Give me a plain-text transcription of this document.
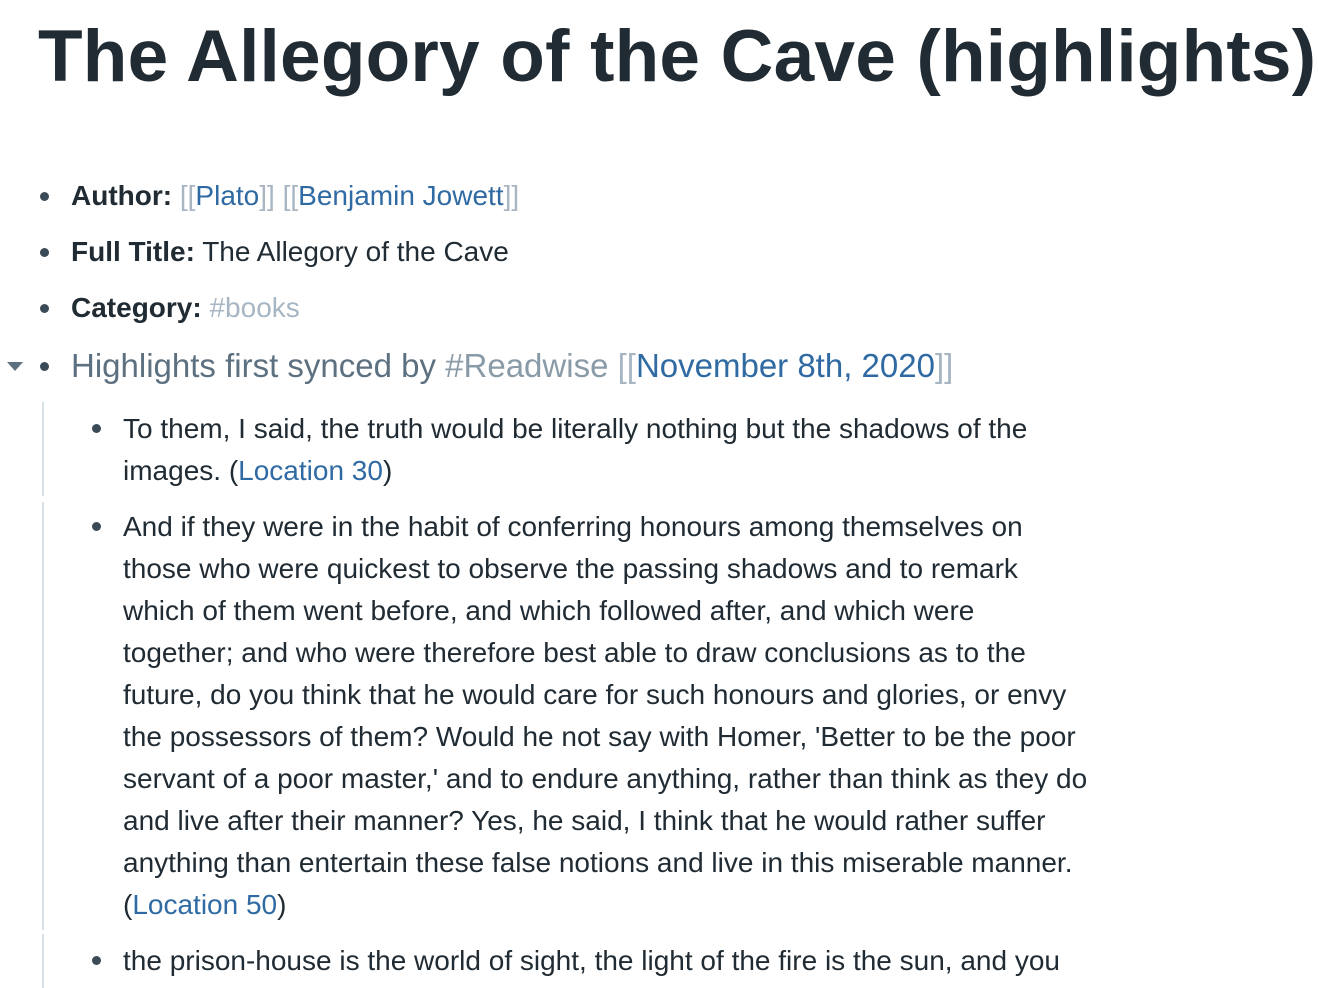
The Allegory of the Cave (highlights)
Author: [[Plato]] [[Benjamin Jowett]]
Full Title: The Allegory of the Cave
Category: #books
Highlights first synced by #Readwise [[November 8th, 2020]]
To them, I said, the truth would be literally nothing but the shadows of the
images. (Location 30)
And if they were in the habit of conferring honours among themselves on
those who were quickest to observe the passing shadows and to remark
which of them went before, and which followed after, and which were
together; and who were therefore best able to draw conclusions as to the
future, do you think that he would care for such honours and glories, or envy
the possessors of them? Would he not say with Homer, 'Better to be the poor
servant of a poor master,' and to endure anything, rather than think as they do
and live after their manner? Yes, he said, I think that he would rather suffer
anything than entertain these false notions and live in this miserable manner.
(Location 50)
the prison-house is the world of sight, the light of the fire is the sun, and you
